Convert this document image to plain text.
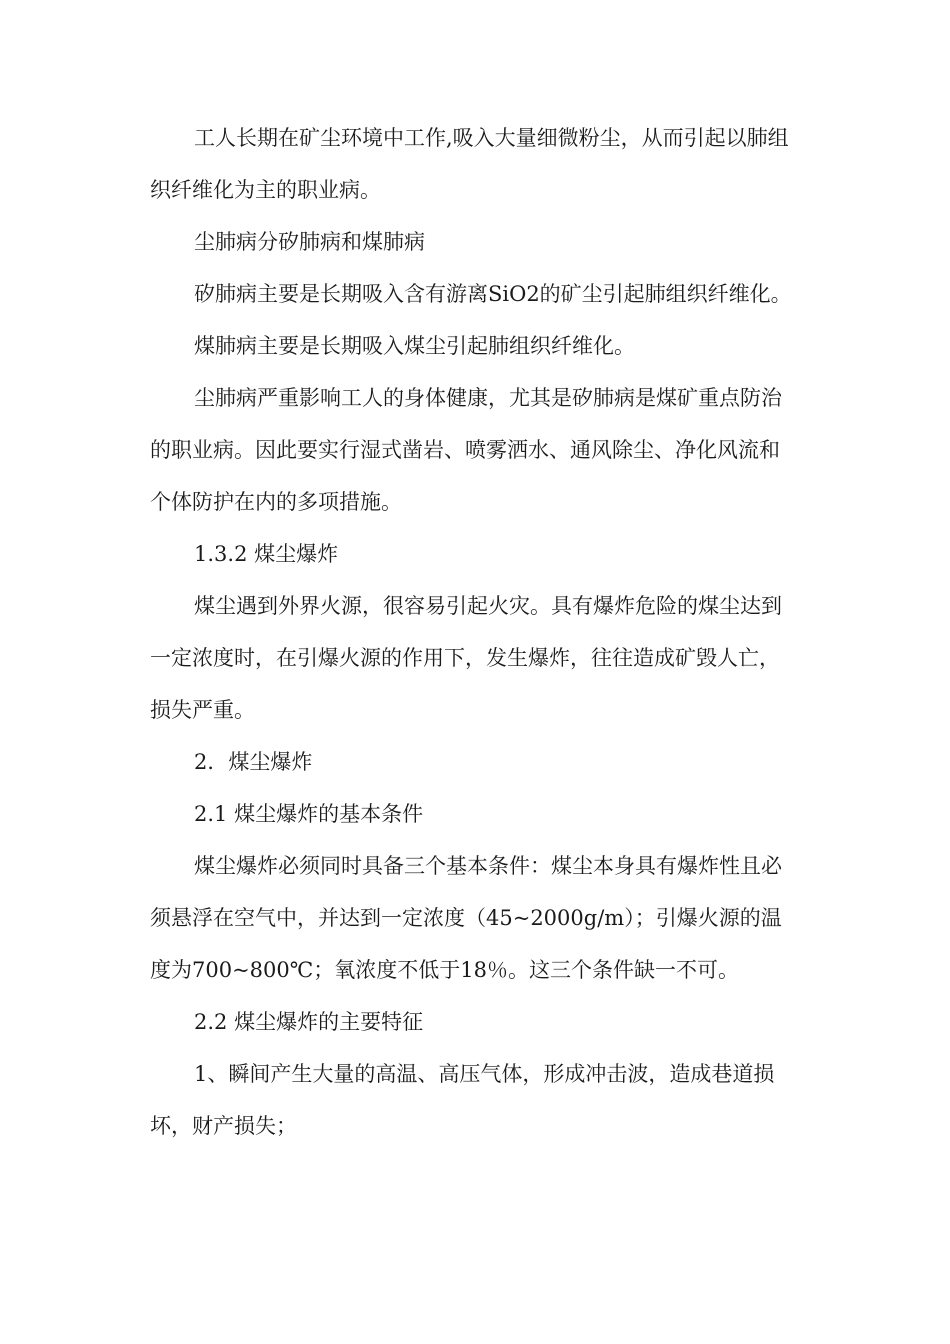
工人长期在矿尘环境中工作,吸入大量细微粉尘，从而引起以肺组织纤维化为主的职业病。

尘肺病分矽肺病和煤肺病

矽肺病主要是长期吸入含有游离SiO2的矿尘引起肺组织纤维化。

煤肺病主要是长期吸入煤尘引起肺组织纤维化。

尘肺病严重影响工人的身体健康，尤其是矽肺病是煤矿重点防治的职业病。因此要实行湿式凿岩、喷雾洒水、通风除尘、净化风流和个体防护在内的多项措施。

1.3.2 煤尘爆炸

煤尘遇到外界火源，很容易引起火灾。具有爆炸危险的煤尘达到一定浓度时，在引爆火源的作用下，发生爆炸，往往造成矿毁人亡，损失严重。

2．煤尘爆炸

2.1 煤尘爆炸的基本条件

煤尘爆炸必须同时具备三个基本条件：煤尘本身具有爆炸性且必须悬浮在空气中，并达到一定浓度（45~2000g/m）；引爆火源的温度为700~800℃；氧浓度不低于18％。这三个条件缺一不可。

2.2 煤尘爆炸的主要特征

1、瞬间产生大量的高温、高压气体，形成冲击波，造成巷道损坏，财产损失；
